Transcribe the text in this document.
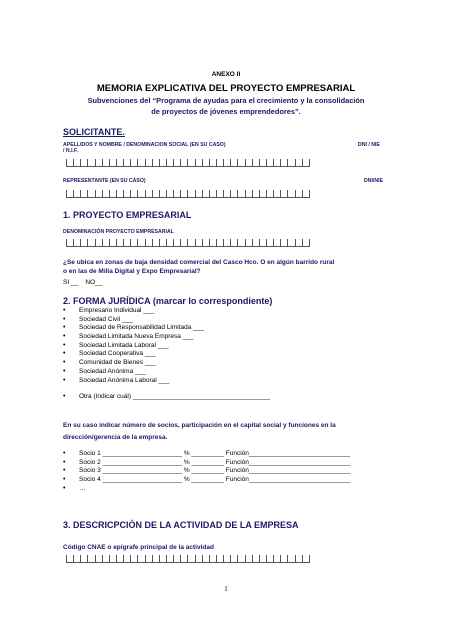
ANEXO II
MEMORIA EXPLICATIVA DEL PROYECTO EMPRESARIAL
Subvenciones del “Programa de ayudas para el crecimiento y la consolidación
de proyectos de jóvenes emprendedores”.
SOLICITANTE.
APELLIDOS Y NOMBRE / DENOMINACION SOCIAL (EN SU CASO)	DNI / NIE
/ N.I.F.
REPRESENTANTE (EN SU CASO)	DNI/NIE
1. PROYECTO EMPRESARIAL
DENOMINACIÓN PROYECTO EMPRESARIAL
¿Se ubica en zonas de baja densidad comercial del Casco Hco. O en algún barrido rural
o en las de Milla Digital y Expo Empresarial?
SI __    NO__
2. FORMA JURÍDICA (marcar lo correspondiente)
• Empresario Individual ___
• Sociedad Civil ___
• Sociedad de Responsabilidad Limitada ___
• Sociedad Limitada Nueva Empresa ___
• Sociedad Limitada Laboral ___
• Sociedad Cooperativa ___
• Comunidad de Bienes ___
• Sociedad Anónima ___
• Sociedad Anónima Laboral ___
• Otra (Indicar cuál) ______________________________________
En su caso indicar número de socios, participación en el capital social y funciones en la
dirección/gerencia de la empresa.
• Socio 1 ______________________ % _________ Función____________________________
• Socio 2 ______________________ % _________ Función____________________________
• Socio 3 ______________________ % _________ Función____________________________
• Socio 4 ______________________ % _________ Función____________________________
• …
3. DESCRICPCIÓN DE LA ACTIVIDAD DE LA EMPRESA
Código CNAE o epígrafe principal de la actividad
1
